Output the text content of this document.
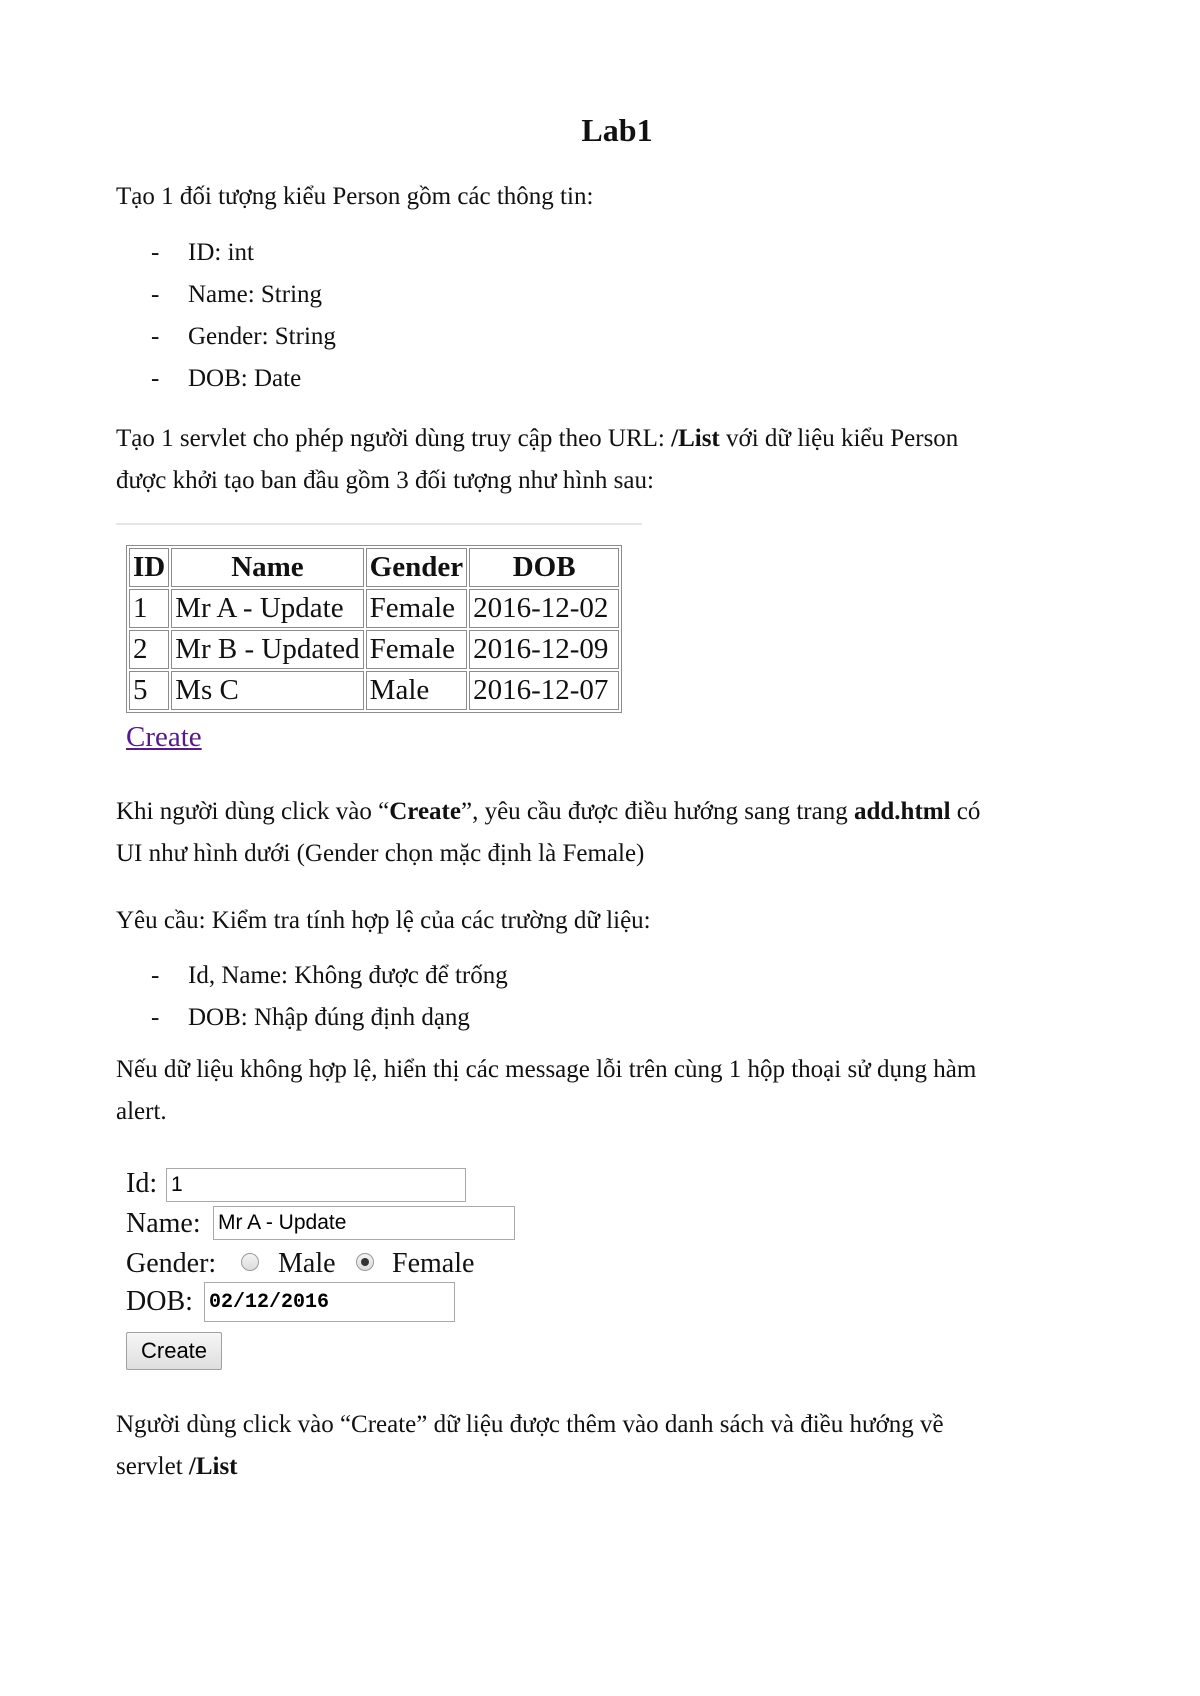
Lab1

Tạo 1 đối tượng kiểu Person gồm các thông tin:

- ID: int
- Name: String
- Gender: String
- DOB: Date

Tạo 1 servlet cho phép người dùng truy cập theo URL: /List với dữ liệu kiểu Person
được khởi tạo ban đầu gồm 3 đối tượng như hình sau:

ID	Name	Gender	DOB
1	Mr A - Update	Female	2016-12-02
2	Mr B - Updated	Female	2016-12-09
5	Ms C	Male	2016-12-07
Create

Khi người dùng click vào “Create”, yêu cầu được điều hướng sang trang add.html có
UI như hình dưới (Gender chọn mặc định là Female)

Yêu cầu: Kiểm tra tính hợp lệ của các trường dữ liệu:

- Id, Name: Không được để trống
- DOB: Nhập đúng định dạng

Nếu dữ liệu không hợp lệ, hiển thị các message lỗi trên cùng 1 hộp thoại sử dụng hàm
alert.

Id:
1
Name:
Mr A - Update
Gender: Male Female
DOB:
02/12/2016
Create

Người dùng click vào “Create” dữ liệu được thêm vào danh sách và điều hướng về
servlet /List
